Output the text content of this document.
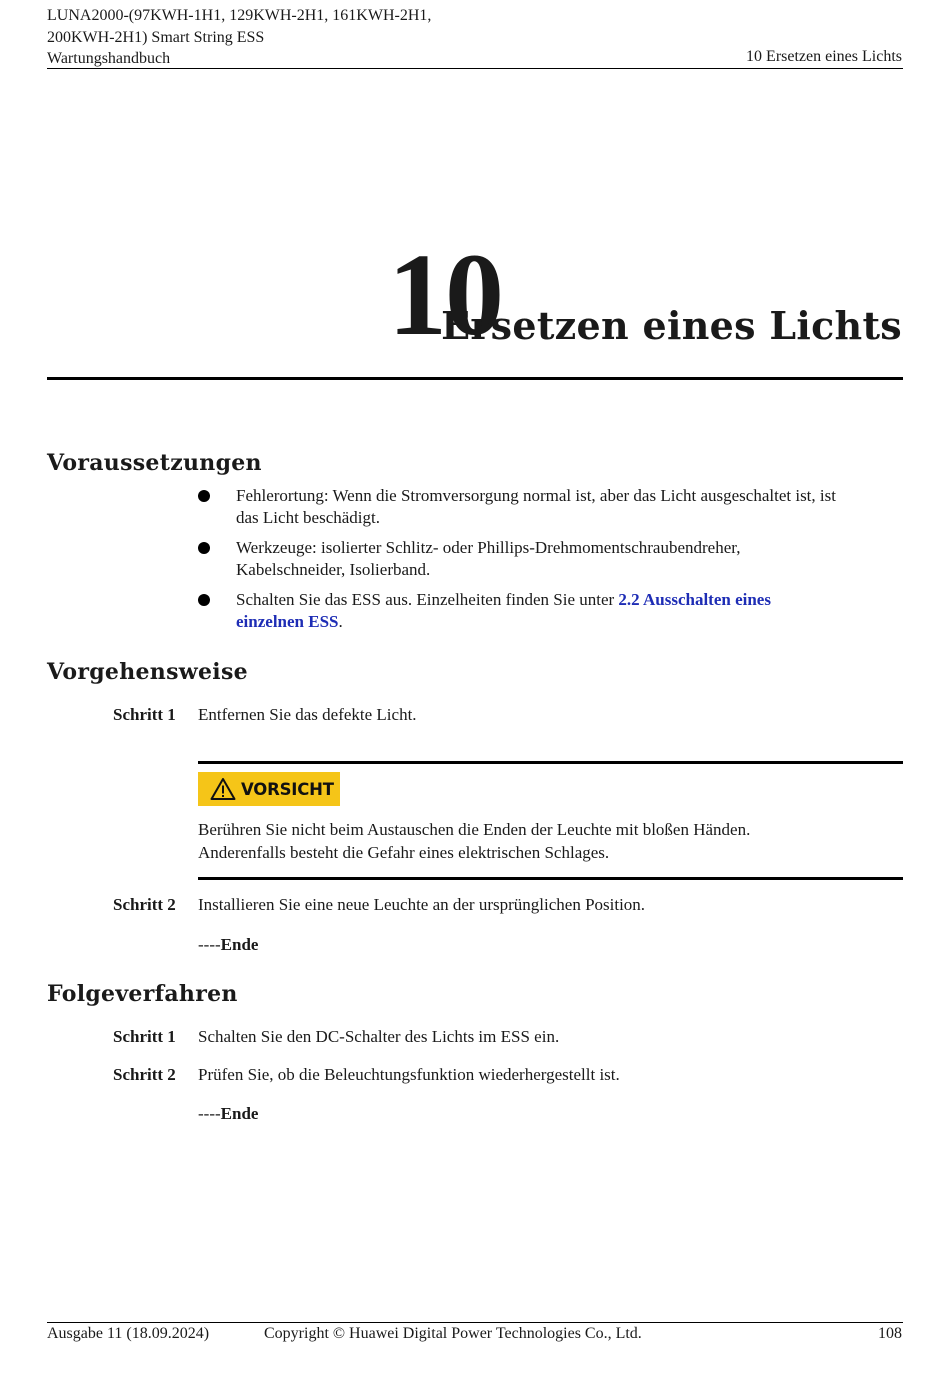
LUNA2000-(97KWH-1H1, 129KWH-2H1, 161KWH-2H1,
200KWH-2H1) Smart String ESS
Wartungshandbuch	10 Ersetzen eines Lichts
10
Ersetzen eines Lichts
Voraussetzungen
Fehlerortung: Wenn die Stromversorgung normal ist, aber das Licht ausgeschaltet ist, ist
das Licht beschädigt.
Werkzeuge: isolierter Schlitz- oder Phillips-Drehmomentschraubendreher,
Kabelschneider, Isolierband.
Schalten Sie das ESS aus. Einzelheiten finden Sie unter 2.2 Ausschalten eines
einzelnen ESS.
Vorgehensweise
Schritt 1 Entfernen Sie das defekte Licht.
VORSICHT
Berühren Sie nicht beim Austauschen die Enden der Leuchte mit bloßen Händen.
Anderenfalls besteht die Gefahr eines elektrischen Schlages.
Schritt 2 Installieren Sie eine neue Leuchte an der ursprünglichen Position.
----Ende
Folgeverfahren
Schritt 1 Schalten Sie den DC-Schalter des Lichts im ESS ein.
Schritt 2 Prüfen Sie, ob die Beleuchtungsfunktion wiederhergestellt ist.
----Ende
Ausgabe 11 (18.09.2024)	Copyright © Huawei Digital Power Technologies Co., Ltd.	108
